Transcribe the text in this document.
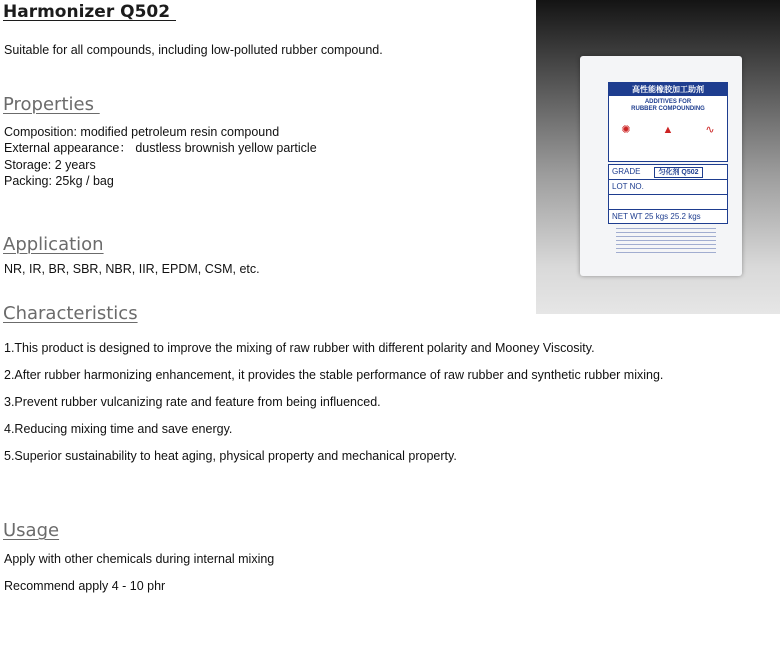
Harmonizer Q502
Suitable for all compounds, including low-polluted rubber compound.
Properties
Composition: modified petroleum resin compound
External appearance： dustless brownish yellow particle
Storage: 2 years
Packing: 25kg / bag
Application
NR, IR, BR, SBR, NBR, IIR, EPDM, CSM, etc.
Characteristics
1.This product is designed to improve the mixing of raw rubber with different polarity and Mooney Viscosity.
2.After rubber harmonizing enhancement, it provides the stable performance of raw rubber and synthetic rubber mixing.
3.Prevent rubber vulcanizing rate and feature from being influenced.
4.Reducing mixing time and save energy.
5.Superior sustainability to heat aging, physical property and mechanical property.
Usage
Apply with other chemicals during internal mixing
Recommend apply 4 - 10 phr
高性能橡胶加工助剂
ADDITIVES FOR
RUBBER COMPOUNDING
✺	▲	∿
GRADE	匀化剂 Q502
LOT NO.
NET WT 25 kgs 25.2 kgs
